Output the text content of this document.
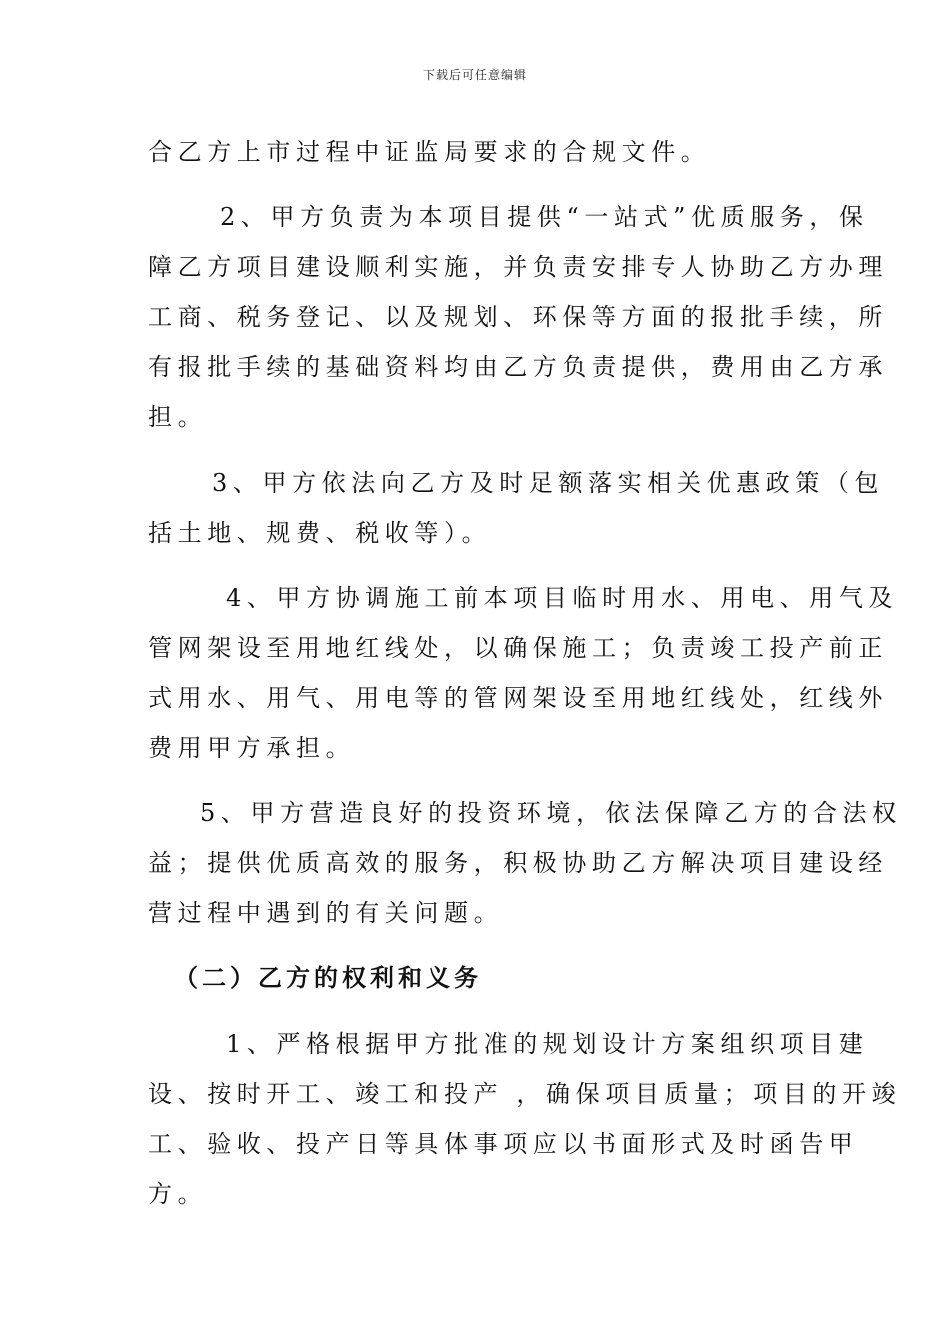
下载后可任意编辑
合乙方上市过程中证监局要求的合规文件。
2、甲方负责为本项目提供“一站式”优质服务，保
障乙方项目建设顺利实施，并负责安排专人协助乙方办理
工商、税务登记、以及规划、环保等方面的报批手续，所
有报批手续的基础资料均由乙方负责提供，费用由乙方承
担。
3、甲方依法向乙方及时足额落实相关优惠政策（包
括土地、规费、税收等）。
4、甲方协调施工前本项目临时用水、用电、用气及
管网架设至用地红线处，以确保施工；负责竣工投产前正
式用水、用气、用电等的管网架设至用地红线处，红线外
费用甲方承担。
5、甲方营造良好的投资环境，依法保障乙方的合法权
益；提供优质高效的服务，积极协助乙方解决项目建设经
营过程中遇到的有关问题。
（二）乙方的权利和义务
1、严格根据甲方批准的规划设计方案组织项目建
设、按时开工、竣工和投产 ，确保项目质量；项目的开竣
工、验收、投产日等具体事项应以书面形式及时函告甲
方。
